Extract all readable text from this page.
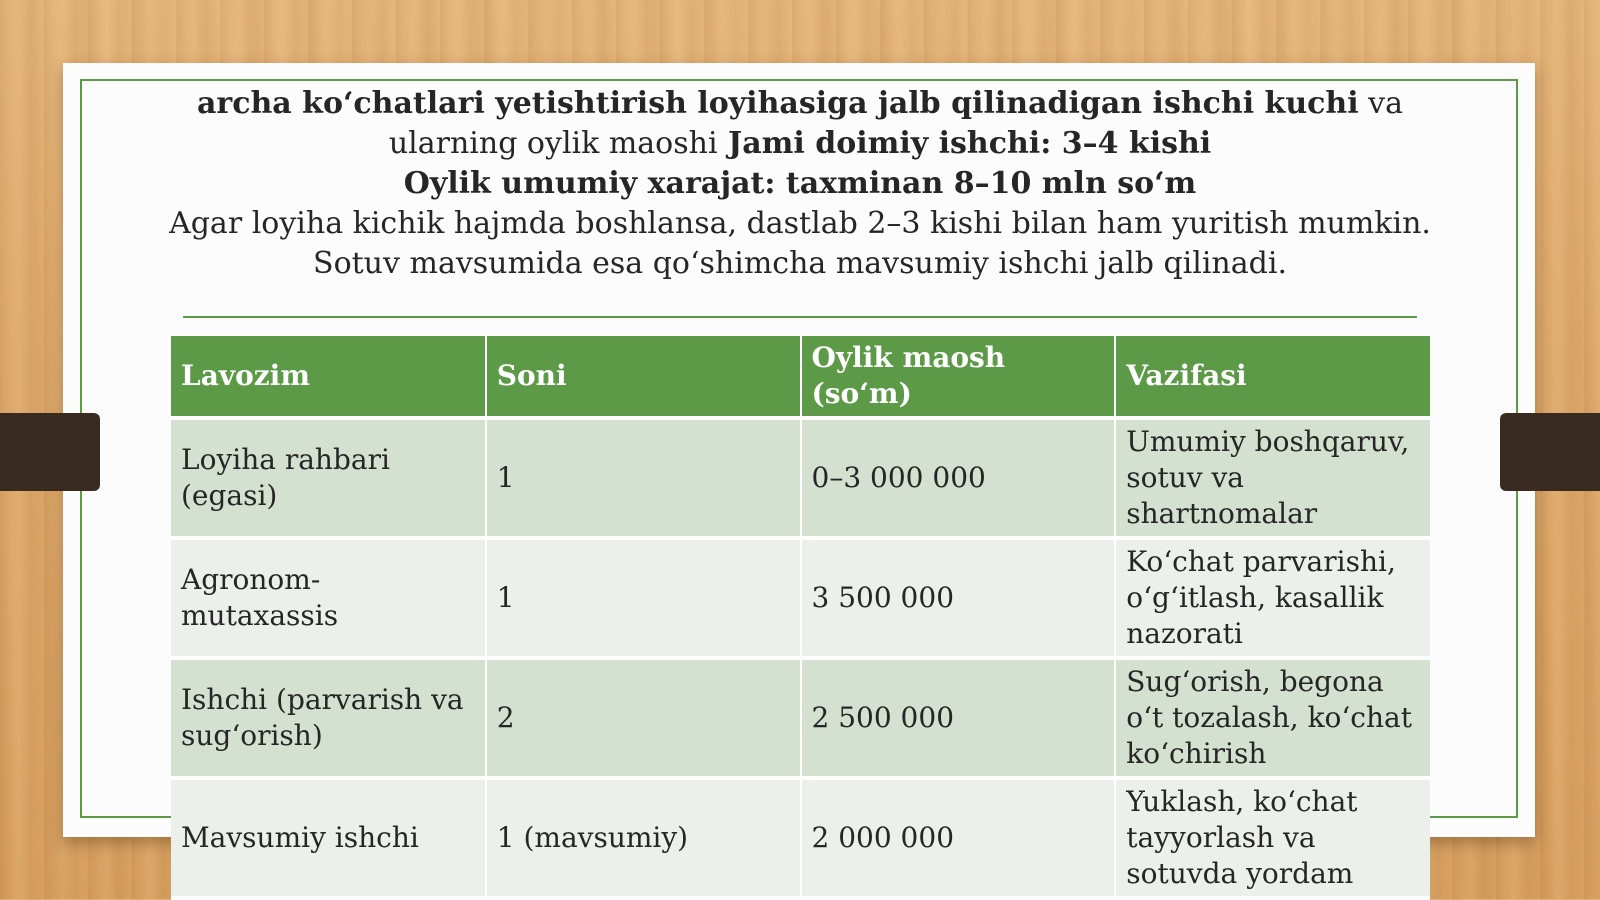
archa ko‘chatlari yetishtirish loyihasiga jalb qilinadigan ishchi kuchi va
ularning oylik maoshi Jami doimiy ishchi: 3–4 kishi
Oylik umumiy xarajat: taxminan 8–10 mln so‘m
Agar loyiha kichik hajmda boshlansa, dastlab 2–3 kishi bilan ham yuritish mumkin.
Sotuv mavsumida esa qo‘shimcha mavsumiy ishchi jalb qilinadi.
Lavozim	Soni	Oylik maosh (so‘m)	Vazifasi
Loyiha rahbari (egasi)	1	0–3 000 000	Umumiy boshqaruv, sotuv va shartnomalar
Agronom-mutaxassis	1	3 500 000	Ko‘chat parvarishi, o‘g‘itlash, kasallik nazorati
Ishchi (parvarish va sug‘orish)	2	2 500 000	Sug‘orish, begona o‘t tozalash, ko‘chat ko‘chirish
Mavsumiy ishchi	1 (mavsumiy)	2 000 000	Yuklash, ko‘chat tayyorlash va sotuvda yordam
